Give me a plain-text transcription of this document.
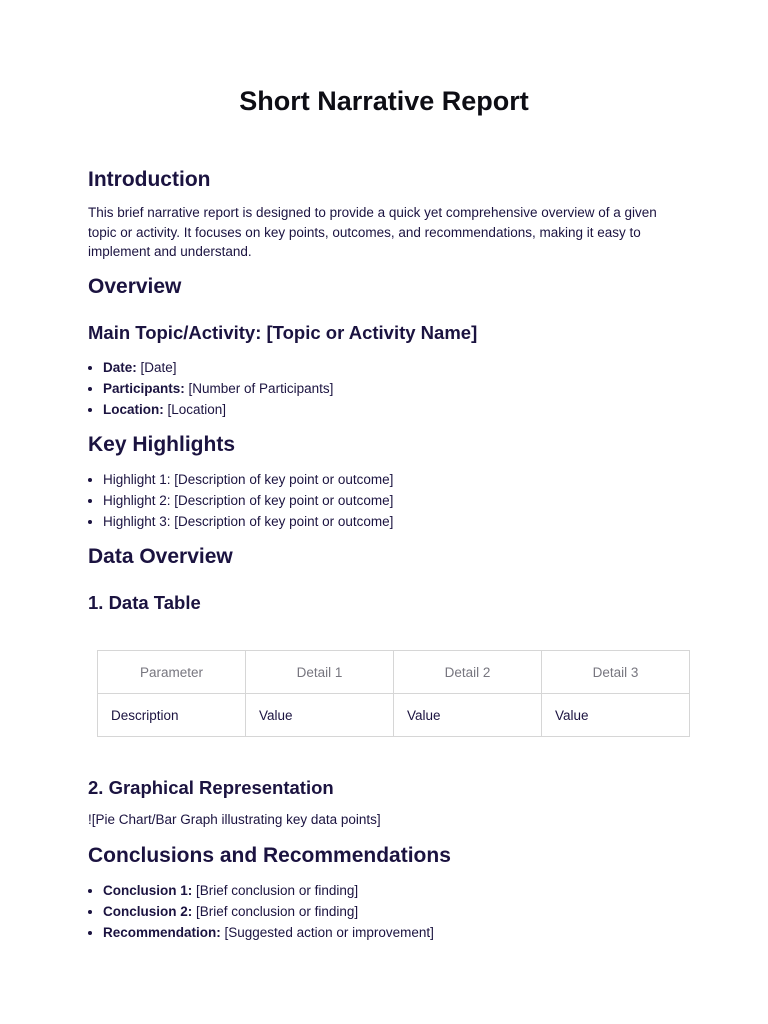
Short Narrative Report
Introduction

This brief narrative report is designed to provide a quick yet comprehensive overview of a given topic or activity. It focuses on key points, outcomes, and recommendations, making it easy to implement and understand.

Overview
Main Topic/Activity: [Topic or Activity Name]
• Date: [Date]
• Participants: [Number of Participants]
• Location: [Location]
Key Highlights
• Highlight 1: [Description of key point or outcome]
• Highlight 2: [Description of key point or outcome]
• Highlight 3: [Description of key point or outcome]
Data Overview
1. Data Table
Parameter	Detail 1	Detail 2	Detail 3
Description	Value	Value	Value
2. Graphical Representation

![Pie Chart/Bar Graph illustrating key data points]

Conclusions and Recommendations
• Conclusion 1: [Brief conclusion or finding]
• Conclusion 2: [Brief conclusion or finding]
• Recommendation: [Suggested action or improvement]
